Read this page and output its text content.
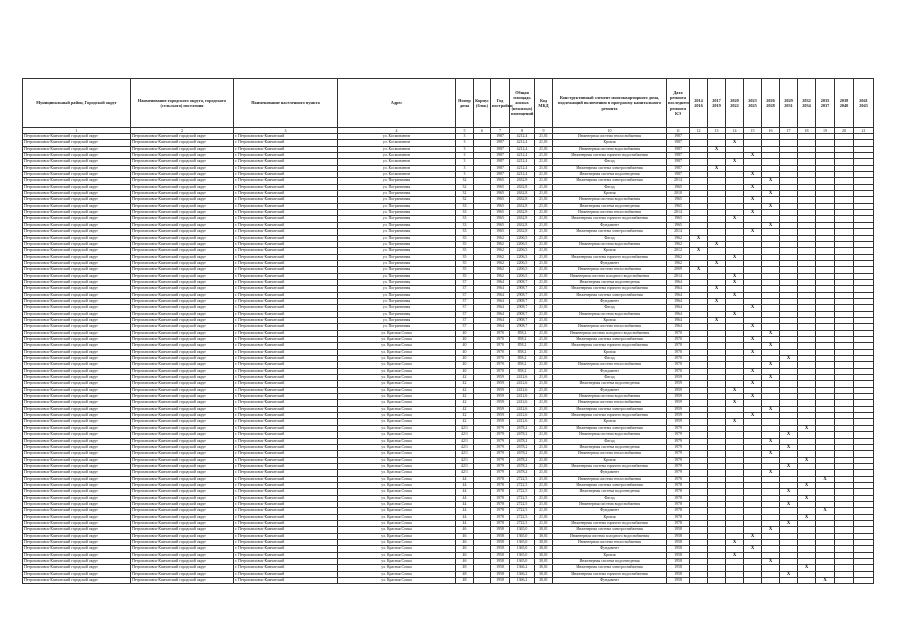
Муниципальный район, Городской округ	Наименование городского округа, городского (сельского) поселения	Наименование населенного пункта	Адрес	Номер дома	Корпус (блок)	Год постройки	Общая площадь жилых (нежилых) помещений	Код МКД	Конструктивный элемент многоквартирного дома, подлежащий включению в программу капитального ремонта	Дата ремонта последнего ремонта КЭ	2014 2016	2017 2019	2020 2022	2023 2025	2026 2028	2029 2031	2032 2034	2035 2037	2038 2040	2041 2043
1	2	3	4	5	6	7	8	9	10	11	12	13	14	15	16	17	18	19	20	21
Петропавловск-Камчатский городской округ	Петропавловск-Камчатский городской округ	г. Петропавловск-Камчатский	ул. Космонавтов	3		1987	4212,4	21,01	Инженерная система теплоснабжения	1987										
Петропавловск-Камчатский городской округ	Петропавловск-Камчатский городской округ	г. Петропавловск-Камчатский	ул. Космонавтов	3		1987	4212,4	21,01	Кровля	1987			X							
Петропавловск-Камчатский городской округ	Петропавловск-Камчатский городской округ	г. Петропавловск-Камчатский	ул. Космонавтов	3		1987	4212,4	21,01	Инженерная система водоснабжения	1987		X								
Петропавловск-Камчатский городской округ	Петропавловск-Камчатский городской округ	г. Петропавловск-Камчатский	ул. Космонавтов	3		1987	4212,4	21,01	Инженерная система горячего водоснабжения	1987				X						
Петропавловск-Камчатский городской округ	Петропавловск-Камчатский городской округ	г. Петропавловск-Камчатский	ул. Космонавтов	3		1987	4212,4	21,01	Фасад	1987			X							
Петропавловск-Камчатский городской округ	Петропавловск-Камчатский городской округ	г. Петропавловск-Камчатский	ул. Космонавтов	3		1987	4212,4	21,01	Инженерная система электроснабжения	1987		X								
Петропавловск-Камчатский городской округ	Петропавловск-Камчатский городской округ	г. Петропавловск-Камчатский	ул. Космонавтов	3		1987	4212,4	21,01	Инженерная система водоотведения	1987				X						
Петропавловск-Камчатский городской округ	Петропавловск-Камчатский городской округ	г. Петропавловск-Камчатский	ул. Пограничная	32		1965	2632,8	21,01	Инженерная система электроснабжения	2014					X					
Петропавловск-Камчатский городской округ	Петропавловск-Камчатский городской округ	г. Петропавловск-Камчатский	ул. Пограничная	32		1965	2632,8	21,01	Фасад	1965				X						
Петропавловск-Камчатский городской округ	Петропавловск-Камчатский городской округ	г. Петропавловск-Камчатский	ул. Пограничная	32		1965	2632,8	21,01	Кровля	2010					X					
Петропавловск-Камчатский городской округ	Петропавловск-Камчатский городской округ	г. Петропавловск-Камчатский	ул. Пограничная	32		1965	2632,8	21,01	Инженерная система водоснабжения	1965				X						
Петропавловск-Камчатский городской округ	Петропавловск-Камчатский городской округ	г. Петропавловск-Камчатский	ул. Пограничная	33		1965	2632,8	21,01	Инженерная система водоотведения	1965					X					
Петропавловск-Камчатский городской округ	Петропавловск-Камчатский городской округ	г. Петропавловск-Камчатский	ул. Пограничная	33		1965	2632,8	21,01	Инженерная система теплоснабжения	2014				X						
Петропавловск-Камчатский городской округ	Петропавловск-Камчатский городской округ	г. Петропавловск-Камчатский	ул. Пограничная	33		1965	2632,8	21,01	Инженерная система горячего водоснабжения	1965			X							
Петропавловск-Камчатский городской округ	Петропавловск-Камчатский городской округ	г. Петропавловск-Камчатский	ул. Пограничная	33		1965	2632,8	21,01	Фундамент	1965					X					
Петропавловск-Камчатский городской округ	Петропавловск-Камчатский городской округ	г. Петропавловск-Камчатский	ул. Пограничная	33		1965	2632,8	21,01	Инженерная система электроснабжения	2014				X						
Петропавловск-Камчатский городской округ	Петропавловск-Камчатский городской округ	г. Петропавловск-Камчатский	ул. Пограничная	35		1962	2206,5	21,01	Фасад	1962	X									
Петропавловск-Камчатский городской округ	Петропавловск-Камчатский городской округ	г. Петропавловск-Камчатский	ул. Пограничная	35		1962	2206,5	21,01	Инженерная система водоснабжения	1962		X								
Петропавловск-Камчатский городской округ	Петропавловск-Камчатский городской округ	г. Петропавловск-Камчатский	ул. Пограничная	35		1962	2206,5	21,01	Кровля	2012	X									
Петропавловск-Камчатский городской округ	Петропавловск-Камчатский городской округ	г. Петропавловск-Камчатский	ул. Пограничная	35		1962	2206,5	21,01	Инженерная система горячего водоснабжения	1962			X							
Петропавловск-Камчатский городской округ	Петропавловск-Камчатский городской округ	г. Петропавловск-Камчатский	ул. Пограничная	35		1962	2206,5	21,01	Фундамент	1962		X								
Петропавловск-Камчатский городской округ	Петропавловск-Камчатский городской округ	г. Петропавловск-Камчатский	ул. Пограничная	35		1962	2206,5	21,01	Инженерная система теплоснабжения	2009	X									
Петропавловск-Камчатский городской округ	Петропавловск-Камчатский городской округ	г. Петропавловск-Камчатский	ул. Пограничная	35		1962	2206,5	21,01	Инженерная система холодного водоснабжения	2014			X							
Петропавловск-Камчатский городской округ	Петропавловск-Камчатский городской округ	г. Петропавловск-Камчатский	ул. Пограничная	37		1964	2908,7	21,01	Инженерная система водоотведения	1964			X							
Петропавловск-Камчатский городской округ	Петропавловск-Камчатский городской округ	г. Петропавловск-Камчатский	ул. Пограничная	37		1964	2908,7	21,01	Инженерная система горячего водоснабжения	1964		X								
Петропавловск-Камчатский городской округ	Петропавловск-Камчатский городской округ	г. Петропавловск-Камчатский	ул. Пограничная	37		1964	2908,7	21,01	Инженерная система электроснабжения	1964			X							
Петропавловск-Камчатский городской округ	Петропавловск-Камчатский городской округ	г. Петропавловск-Камчатский	ул. Пограничная	37		1964	2908,7	21,01	Фундамент	1964		X								
Петропавловск-Камчатский городской округ	Петропавловск-Камчатский городской округ	г. Петропавловск-Камчатский	ул. Пограничная	37		1964	2908,7	21,01	Фасад	1964				X						
Петропавловск-Камчатский городской округ	Петропавловск-Камчатский городской округ	г. Петропавловск-Камчатский	ул. Пограничная	37		1964	2908,7	21,01	Инженерная система водоснабжения	1964			X							
Петропавловск-Камчатский городской округ	Петропавловск-Камчатский городской округ	г. Петропавловск-Камчатский	ул. Пограничная	37		1964	2908,7	21,01	Кровля	1964		X								
Петропавловск-Камчатский городской округ	Петропавловск-Камчатский городской округ	г. Петропавловск-Камчатский	ул. Пограничная	37		1964	2908,7	21,01	Инженерная система теплоснабжения	1964				X						
Петропавловск-Камчатский городской округ	Петропавловск-Камчатский городской округ	г. Петропавловск-Камчатский	ул. Красная Сопка	40		1970	858,2	21,01	Инженерная система холодного водоснабжения	1970					X					
Петропавловск-Камчатский городской округ	Петропавловск-Камчатский городской округ	г. Петропавловск-Камчатский	ул. Красная Сопка	40		1970	858,2	21,01	Инженерная система электроснабжения	1970				X						
Петропавловск-Камчатский городской округ	Петропавловск-Камчатский городской округ	г. Петропавловск-Камчатский	ул. Красная Сопка	40		1970	858,2	21,01	Инженерная система горячего водоснабжения	1970					X					
Петропавловск-Камчатский городской округ	Петропавловск-Камчатский городской округ	г. Петропавловск-Камчатский	ул. Красная Сопка	40		1970	858,2	21,01	Кровля	1970				X						
Петропавловск-Камчатский городской округ	Петропавловск-Камчатский городской округ	г. Петропавловск-Камчатский	ул. Красная Сопка	40		1970	858,2	21,01	Фасад	1970						X				
Петропавловск-Камчатский городской округ	Петропавловск-Камчатский городской округ	г. Петропавловск-Камчатский	ул. Красная Сопка	40		1970	858,2	21,01	Инженерная система теплоснабжения	1970					X					
Петропавловск-Камчатский городской округ	Петропавловск-Камчатский городской округ	г. Петропавловск-Камчатский	ул. Красная Сопка	40		1970	858,2	21,01	Фундамент	1970				X						
Петропавловск-Камчатский городской округ	Петропавловск-Камчатский городской округ	г. Петропавловск-Камчатский	ул. Красная Сопка	42		1959	2412,6	21,01	Фасад	1959					X					
Петропавловск-Камчатский городской округ	Петропавловск-Камчатский городской округ	г. Петропавловск-Камчатский	ул. Красная Сопка	42		1959	2412,6	21,01	Инженерная система водоотведения	1959				X						
Петропавловск-Камчатский городской округ	Петропавловск-Камчатский городской округ	г. Петропавловск-Камчатский	ул. Красная Сопка	42		1959	2412,6	21,01	Фундамент	1959			X							
Петропавловск-Камчатский городской округ	Петропавловск-Камчатский городской округ	г. Петропавловск-Камчатский	ул. Красная Сопка	42		1959	2412,6	21,01	Инженерная система водоснабжения	1959				X						
Петропавловск-Камчатский городской округ	Петропавловск-Камчатский городской округ	г. Петропавловск-Камчатский	ул. Красная Сопка	42		1959	2412,6	21,01	Инженерная система теплоснабжения	1959			X							
Петропавловск-Камчатский городской округ	Петропавловск-Камчатский городской округ	г. Петропавловск-Камчатский	ул. Красная Сопка	42		1959	2412,6	21,01	Инженерная система электроснабжения	1959					X					
Петропавловск-Камчатский городской округ	Петропавловск-Камчатский городской округ	г. Петропавловск-Камчатский	ул. Красная Сопка	42		1959	2412,6	21,01	Инженерная система горячего водоснабжения	1959				X						
Петропавловск-Камчатский городской округ	Петропавловск-Камчатский городской округ	г. Петропавловск-Камчатский	ул. Красная Сопка	42		1959	2412,6	21,01	Кровля	1959			X							
Петропавловск-Камчатский городской округ	Петропавловск-Камчатский городской округ	г. Петропавловск-Камчатский	ул. Красная Сопка	42/1		1979	2678,2	21,01	Инженерная система электроснабжения	1979							X			
Петропавловск-Камчатский городской округ	Петропавловск-Камчатский городской округ	г. Петропавловск-Камчатский	ул. Красная Сопка	42/1		1979	2678,2	21,01	Инженерная система водоснабжения	1979						X				
Петропавловск-Камчатский городской округ	Петропавловск-Камчатский городской округ	г. Петропавловск-Камчатский	ул. Красная Сопка	42/1		1979	2678,2	21,01	Фасад	1979					X					
Петропавловск-Камчатский городской округ	Петропавловск-Камчатский городской округ	г. Петропавловск-Камчатский	ул. Красная Сопка	42/1		1979	2678,2	21,01	Инженерная система водоотведения	1979						X				
Петропавловск-Камчатский городской округ	Петропавловск-Камчатский городской округ	г. Петропавловск-Камчатский	ул. Красная Сопка	42/1		1979	2678,2	21,01	Инженерная система теплоснабжения	1979					X					
Петропавловск-Камчатский городской округ	Петропавловск-Камчатский городской округ	г. Петропавловск-Камчатский	ул. Красная Сопка	42/1		1979	2678,2	21,01	Кровля	1979							X			
Петропавловск-Камчатский городской округ	Петропавловск-Камчатский городской округ	г. Петропавловск-Камчатский	ул. Красная Сопка	42/1		1979	2678,2	21,01	Инженерная система горячего водоснабжения	1979						X				
Петропавловск-Камчатский городской округ	Петропавловск-Камчатский городской округ	г. Петропавловск-Камчатский	ул. Красная Сопка	42/1		1979	2678,2	21,01	Фундамент	1979					X					
Петропавловск-Камчатский городской округ	Петропавловск-Камчатский городской округ	г. Петропавловск-Камчатский	ул. Красная Сопка	44		1978	2722,5	21,01	Инженерная система теплоснабжения	1978								X		
Петропавловск-Камчатский городской округ	Петропавловск-Камчатский городской округ	г. Петропавловск-Камчатский	ул. Красная Сопка	44		1978	2722,5	21,01	Инженерная система электроснабжения	1978							X			
Петропавловск-Камчатский городской округ	Петропавловск-Камчатский городской округ	г. Петропавловск-Камчатский	ул. Красная Сопка	44		1978	2722,5	21,01	Инженерная система водоотведения	1978						X				
Петропавловск-Камчатский городской округ	Петропавловск-Камчатский городской округ	г. Петропавловск-Камчатский	ул. Красная Сопка	44		1978	2722,5	21,01	Фасад	1978							X			
Петропавловск-Камчатский городской округ	Петропавловск-Камчатский городской округ	г. Петропавловск-Камчатский	ул. Красная Сопка	44		1978	2722,5	21,01	Инженерная система водоснабжения	1978						X				
Петропавловск-Камчатский городской округ	Петропавловск-Камчатский городской округ	г. Петропавловск-Камчатский	ул. Красная Сопка	44		1978	2722,5	21,01	Фундамент	1978								X		
Петропавловск-Камчатский городской округ	Петропавловск-Камчатский городской округ	г. Петропавловск-Камчатский	ул. Красная Сопка	44		1978	2722,5	21,01	Кровля	1978							X			
Петропавловск-Камчатский городской округ	Петропавловск-Камчатский городской округ	г. Петропавловск-Камчатский	ул. Красная Сопка	44		1978	2722,5	21,01	Инженерная система горячего водоснабжения	1978						X				
Петропавловск-Камчатский городской округ	Петропавловск-Камчатский городской округ	г. Петропавловск-Камчатский	ул. Красная Сопка	46		1958	1365,0	30,01	Инженерная система электроснабжения	1958					X					
Петропавловск-Камчатский городской округ	Петропавловск-Камчатский городской округ	г. Петропавловск-Камчатский	ул. Красная Сопка	46		1958	1365,0	30,01	Инженерная система холодного водоснабжения	1958				X						
Петропавловск-Камчатский городской округ	Петропавловск-Камчатский городской округ	г. Петропавловск-Камчатский	ул. Красная Сопка	46		1958	1365,0	30,01	Инженерная система теплоснабжения	1958			X							
Петропавловск-Камчатский городской округ	Петропавловск-Камчатский городской округ	г. Петропавловск-Камчатский	ул. Красная Сопка	46		1958	1365,0	30,01	Фундамент	1958				X						
Петропавловск-Камчатский городской округ	Петропавловск-Камчатский городской округ	г. Петропавловск-Камчатский	ул. Красная Сопка	46		1958	1365,0	30,01	Кровля	1958			X							
Петропавловск-Камчатский городской округ	Петропавловск-Камчатский городской округ	г. Петропавловск-Камчатский	ул. Красная Сопка	46		1958	1365,0	30,01	Инженерная система водоотведения	1958					X					
Петропавловск-Камчатский городской округ	Петропавловск-Камчатский городской округ	г. Петропавловск-Камчатский	ул. Красная Сопка	48		1958	1366,2	30,01	Инженерная система электроснабжения	1958							X			
Петропавловск-Камчатский городской округ	Петропавловск-Камчатский городской округ	г. Петропавловск-Камчатский	ул. Красная Сопка	48		1958	1366,2	30,01	Инженерная система горячего водоснабжения	1958						X				
Петропавловск-Камчатский городской округ	Петропавловск-Камчатский городской округ	г. Петропавловск-Камчатский	ул. Красная Сопка	48		1958	1366,2	30,01	Фундамент	1958								X		
